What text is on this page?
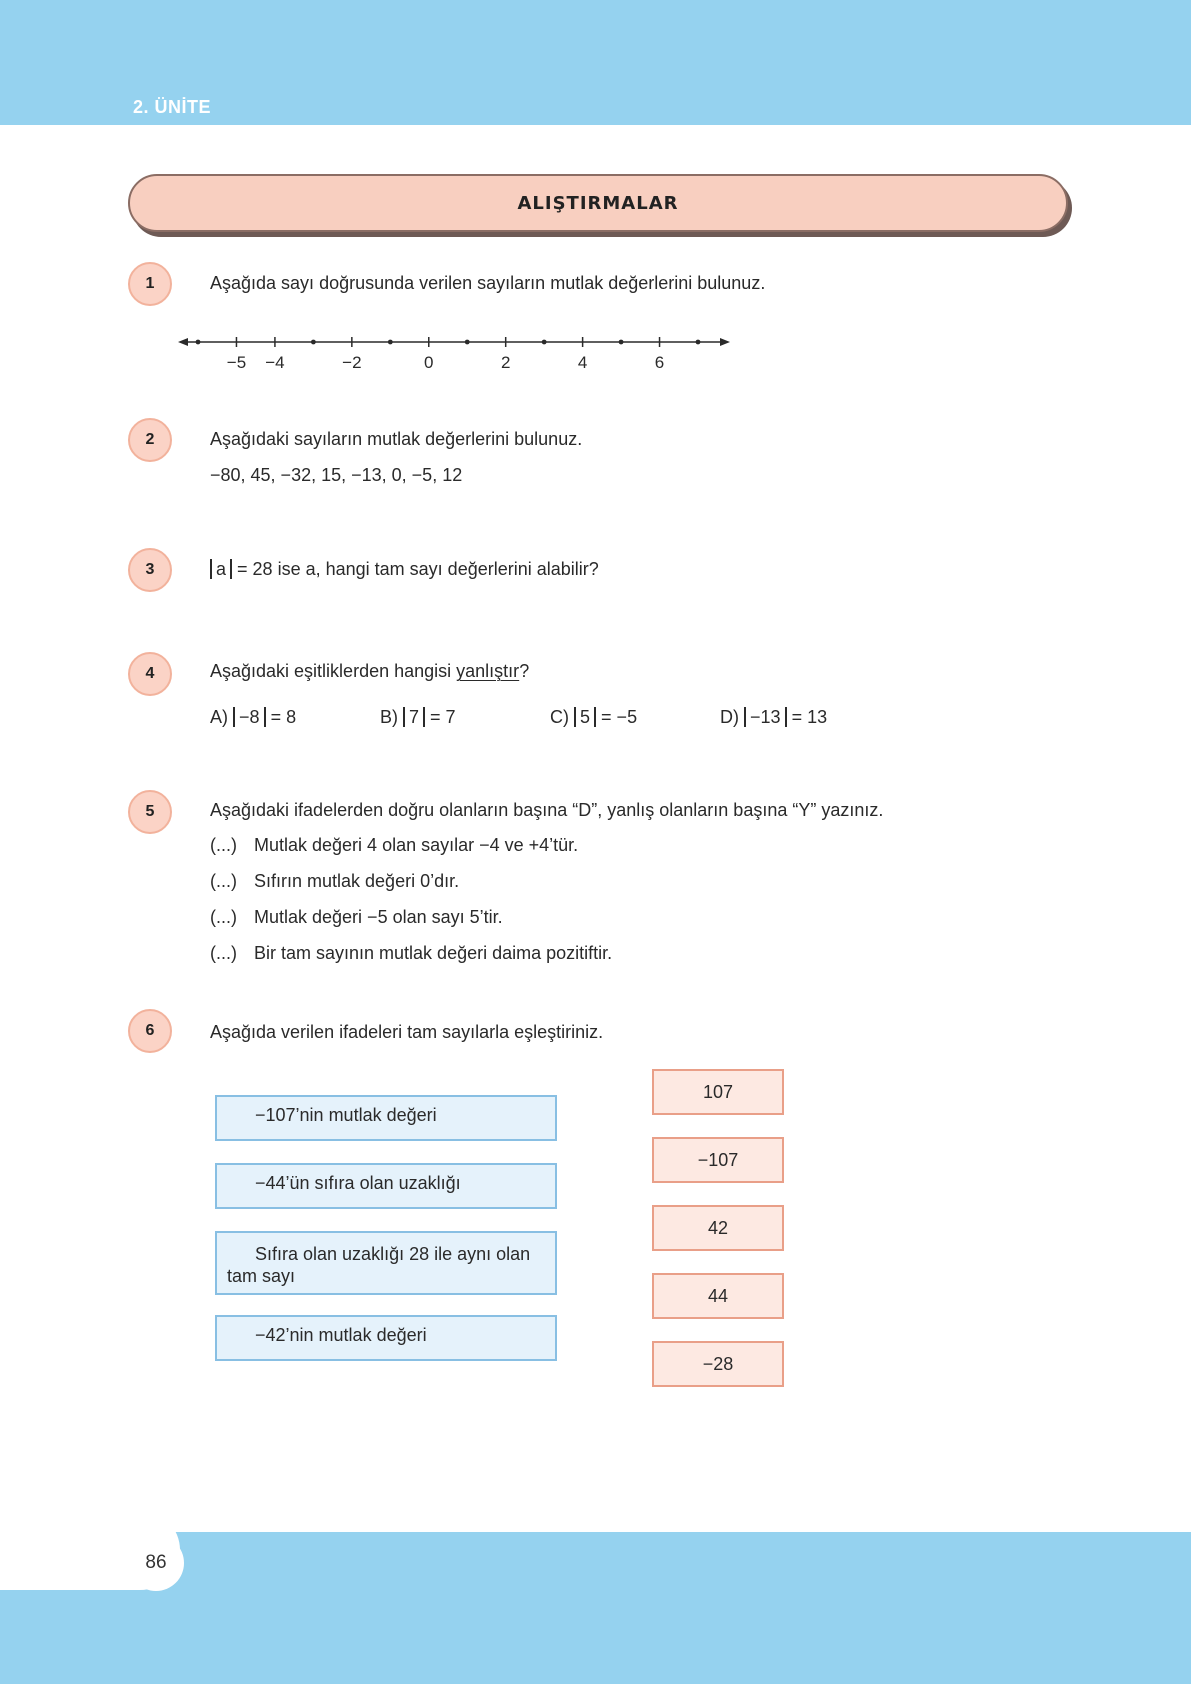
2. ÜNİTE
ALIŞTIRMALAR
1	Aşağıda sayı doğrusunda verilen sayıların mutlak değerlerini bulunuz.
−5 −4	−2	0	2	4	6
2	Aşağıdaki sayıların mutlak değerlerini bulunuz.
−80, 45, −32, 15, −13, 0, −5, 12
3	a = 28 ise a, hangi tam sayı değerlerini alabilir?
4	Aşağıdaki eşitliklerden hangisi yanlıştır?
A) −8 = 8	B) 7 = 7	C) 5 = −5	D) −13 = 13
5	Aşağıdaki ifadelerden doğru olanların başına “D”, yanlış olanların başına “Y” yazınız.
(...) Mutlak değeri 4 olan sayılar −4 ve +4’tür.
(...) Sıfırın mutlak değeri 0’dır.
(...) Mutlak değeri −5 olan sayı 5’tir.
(...) Bir tam sayının mutlak değeri daima pozitiftir.
6	Aşağıda verilen ifadeleri tam sayılarla eşleştiriniz.
−107’nin mutlak değeri
−44’ün sıfıra olan uzaklığı
Sıfıra olan uzaklığı 28 ile aynı olan tam sayı
−42’nin mutlak değeri
107
−107
42
44
−28
86
